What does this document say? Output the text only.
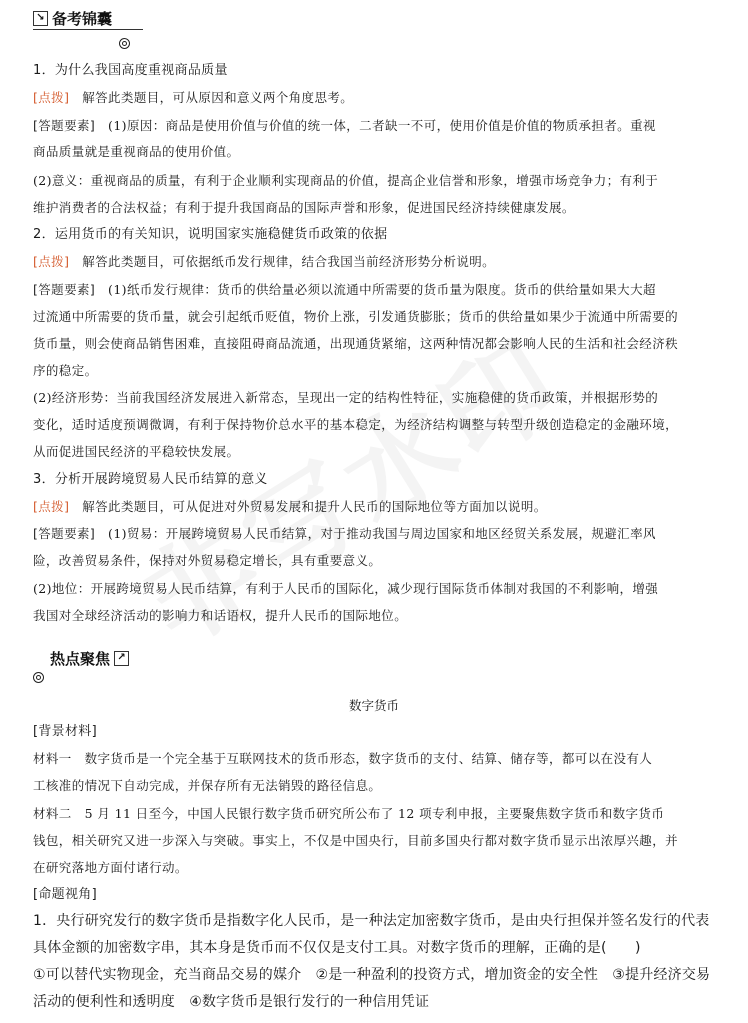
↘ 备考锦囊
1．为什么我国高度重视商品质量
[点拨]　解答此类题目，可从原因和意义两个角度思考。
[答题要素]　(1)原因：商品是使用价值与价值的统一体，二者缺一不可，使用价值是价值的物质承担者。重视
商品质量就是重视商品的使用价值。
(2)意义：重视商品的质量，有利于企业顺利实现商品的价值，提高企业信誉和形象，增强市场竞争力；有利于
维护消费者的合法权益；有利于提升我国商品的国际声誉和形象，促进国民经济持续健康发展。
2．运用货币的有关知识，说明国家实施稳健货币政策的依据
[点拨]　解答此类题目，可依据纸币发行规律，结合我国当前经济形势分析说明。
[答题要素]　(1)纸币发行规律：货币的供给量必须以流通中所需要的货币量为限度。货币的供给量如果大大超
过流通中所需要的货币量，就会引起纸币贬值，物价上涨，引发通货膨胀；货币的供给量如果少于流通中所需要的
货币量，则会使商品销售困难，直接阻碍商品流通，出现通货紧缩，这两种情况都会影响人民的生活和社会经济秩
序的稳定。
(2)经济形势：当前我国经济发展进入新常态，呈现出一定的结构性特征，实施稳健的货币政策，并根据形势的
变化，适时适度预调微调，有利于保持物价总水平的基本稳定，为经济结构调整与转型升级创造稳定的金融环境，
从而促进国民经济的平稳较快发展。
3．分析开展跨境贸易人民币结算的意义
[点拨]　解答此类题目，可从促进对外贸易发展和提升人民币的国际地位等方面加以说明。
[答题要素]　(1)贸易：开展跨境贸易人民币结算，对于推动我国与周边国家和地区经贸关系发展，规避汇率风
险，改善贸易条件，保持对外贸易稳定增长，具有重要意义。
(2)地位：开展跨境贸易人民币结算，有利于人民币的国际化，减少现行国际货币体制对我国的不利影响，增强
我国对全球经济活动的影响力和话语权，提升人民币的国际地位。
热点聚焦 ↗
数字货币
[背景材料]
材料一　数字货币是一个完全基于互联网技术的货币形态，数字货币的支付、结算、储存等，都可以在没有人
工核准的情况下自动完成，并保存所有无法销毁的路径信息。
材料二　5 月 11 日至今，中国人民银行数字货币研究所公布了 12 项专利申报，主要聚焦数字货币和数字货币
钱包，相关研究又进一步深入与突破。事实上，不仅是中国央行，目前多国央行都对数字货币显示出浓厚兴趣，并
在研究落地方面付诸行动。
[命题视角]
1．央行研究发行的数字货币是指数字化人民币，是一种法定加密数字货币，是由央行担保并签名发行的代表
具体金额的加密数字串，其本身是货币而不仅仅是支付工具。对数字货币的理解，正确的是(　　)
①可以替代实物现金，充当商品交易的媒介　②是一种盈利的投资方式，增加资金的安全性　③提升经济交易
活动的便利性和透明度　④数字货币是银行发行的一种信用凭证
